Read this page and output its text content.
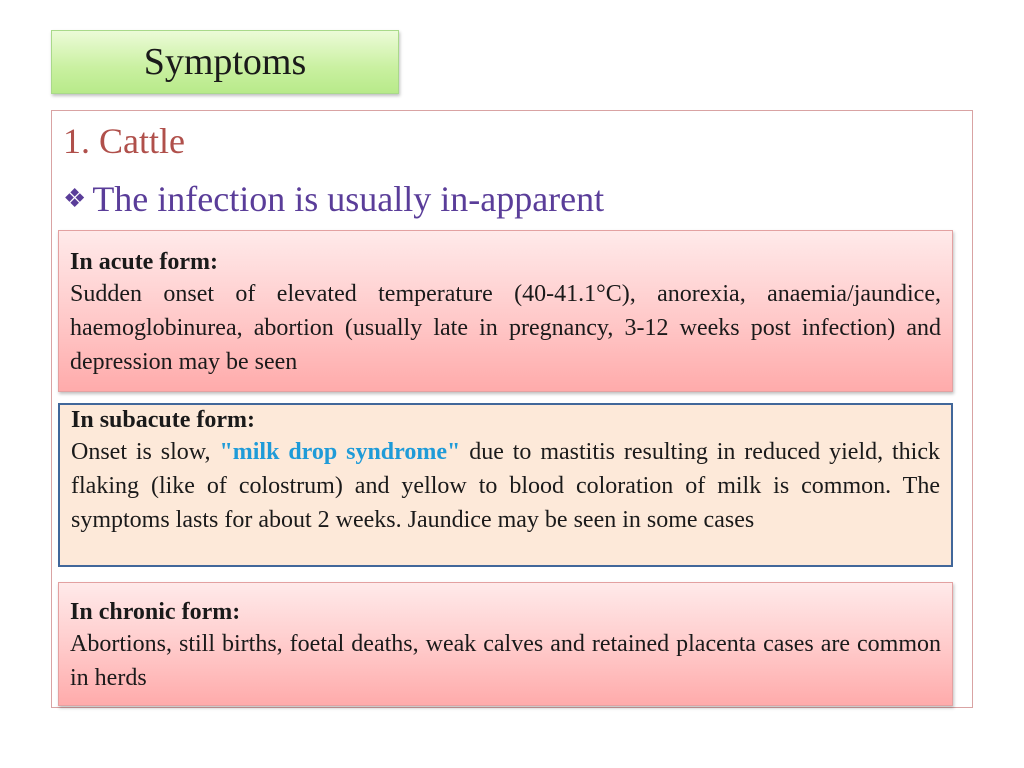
Symptoms
1. Cattle
❖ The infection is usually in-apparent
In acute form:

Sudden onset of elevated temperature (40-41.1°C), anorexia, anaemia/jaundice, haemoglobinurea, abortion (usually late in pregnancy, 3-12 weeks post infection) and depression may be seen

In subacute form:

Onset is slow, "milk drop syndrome" due to mastitis resulting in reduced yield, thick flaking (like of colostrum) and yellow to blood coloration of milk is common. The symptoms lasts for about 2 weeks. Jaundice may be seen in some cases

In chronic form:

Abortions, still births, foetal deaths, weak calves and retained placenta cases are common in herds
